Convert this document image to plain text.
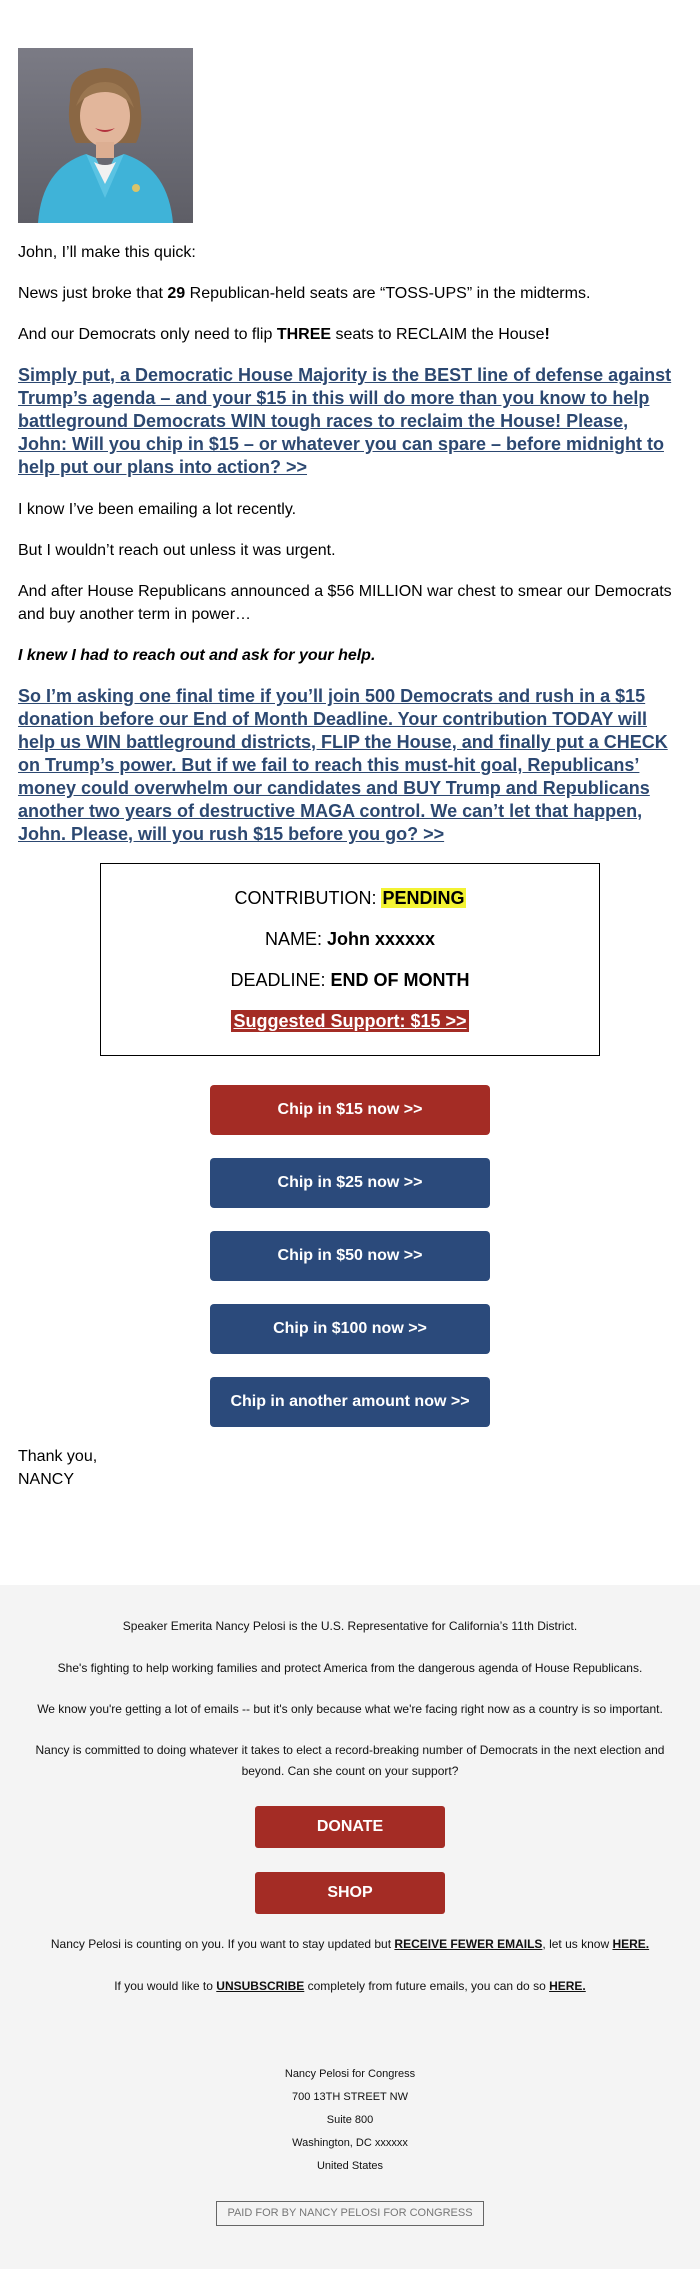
John, I’ll make this quick:

News just broke that 29 Republican-held seats are “TOSS-UPS” in the midterms.

And our Democrats only need to flip THREE seats to RECLAIM the House!

Simply put, a Democratic House Majority is the BEST line of defense against Trump’s agenda – and your $15 in this will do more than you know to help battleground Democrats WIN tough races to reclaim the House! Please, John: Will you chip in $15 – or whatever you can spare – before midnight to help put our plans into action? >>

I know I’ve been emailing a lot recently.

But I wouldn’t reach out unless it was urgent.

And after House Republicans announced a $56 MILLION war chest to smear our Democrats and buy another term in power…

I knew I had to reach out and ask for your help.

So I’m asking one final time if you’ll join 500 Democrats and rush in a $15 donation before our End of Month Deadline. Your contribution TODAY will help us WIN battleground districts, FLIP the House, and finally put a CHECK on Trump’s power. But if we fail to reach this must-hit goal, Republicans’ money could overwhelm our candidates and BUY Trump and Republicans another two years of destructive MAGA control. We can’t let that happen, John. Please, will you rush $15 before you go? >>
CONTRIBUTION: PENDING
NAME: John xxxxxx
DEADLINE: END OF MONTH
Suggested Support: $15 >>
Chip in $15 now >>
Chip in $25 now >>
Chip in $50 now >>
Chip in $100 now >>
Chip in another amount now >>

Thank you,

NANCY

Speaker Emerita Nancy Pelosi is the U.S. Representative for California’s 11th District.

She's fighting to help working families and protect America from the dangerous agenda of House Republicans.

We know you're getting a lot of emails -- but it's only because what we're facing right now as a country is so important.

Nancy is committed to doing whatever it takes to elect a record-breaking number of Democrats in the next election and beyond. Can she count on your support?

DONATE
SHOP

Nancy Pelosi is counting on you. If you want to stay updated but RECEIVE FEWER EMAILS, let us know HERE.

If you would like to UNSUBSCRIBE completely from future emails, you can do so HERE.

Nancy Pelosi for Congress

700 13TH STREET NW

Suite 800

Washington, DC xxxxxx

United States

PAID FOR BY NANCY PELOSI FOR CONGRESS
